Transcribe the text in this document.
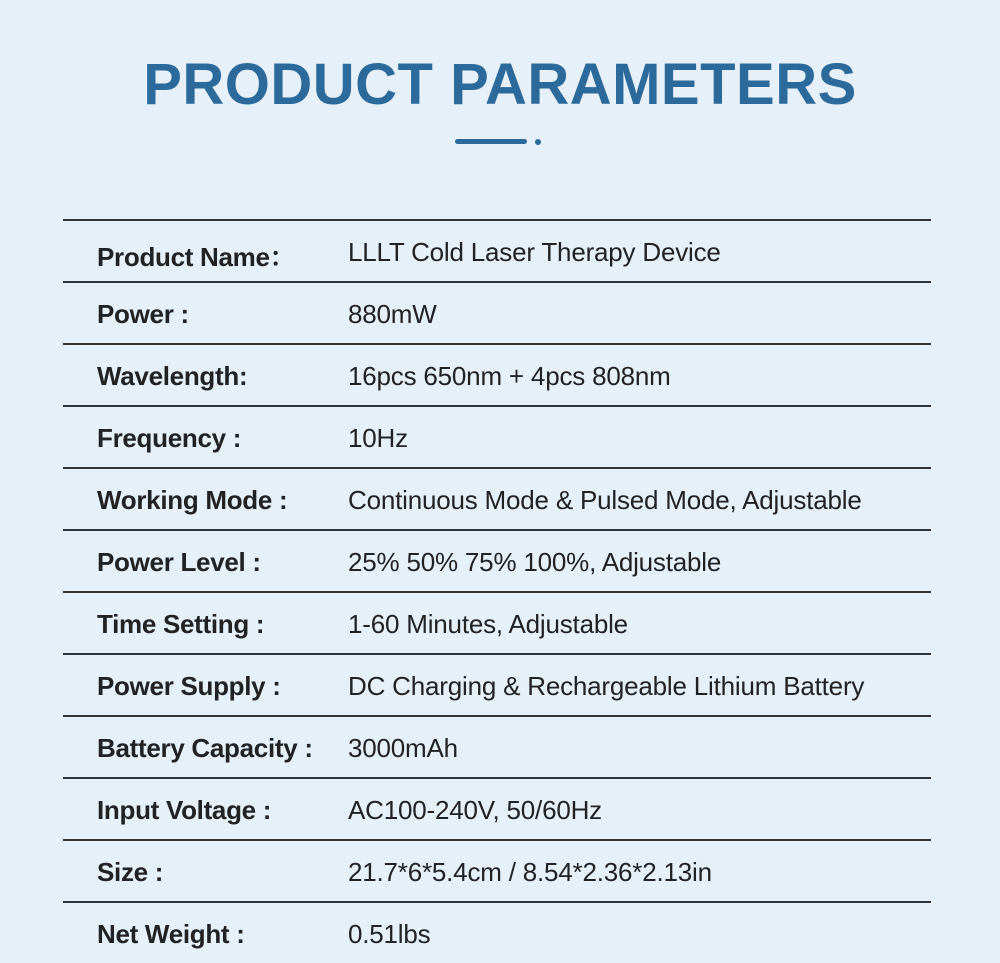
PRODUCT PARAMETERS
Product Name： LLLT Cold Laser Therapy Device
Power :	880mW
Wavelength:	16pcs 650nm + 4pcs 808nm
Frequency :	10Hz
Working Mode : Continuous Mode & Pulsed Mode, Adjustable
Power Level :	25% 50% 75% 100%, Adjustable
Time Setting :	1-60 Minutes, Adjustable
Power Supply :	DC Charging & Rechargeable Lithium Battery
Battery Capacity : 3000mAh
Input Voltage :	AC100-240V, 50/60Hz
Size :	21.7*6*5.4cm / 8.54*2.36*2.13in
Net Weight :	0.51lbs
